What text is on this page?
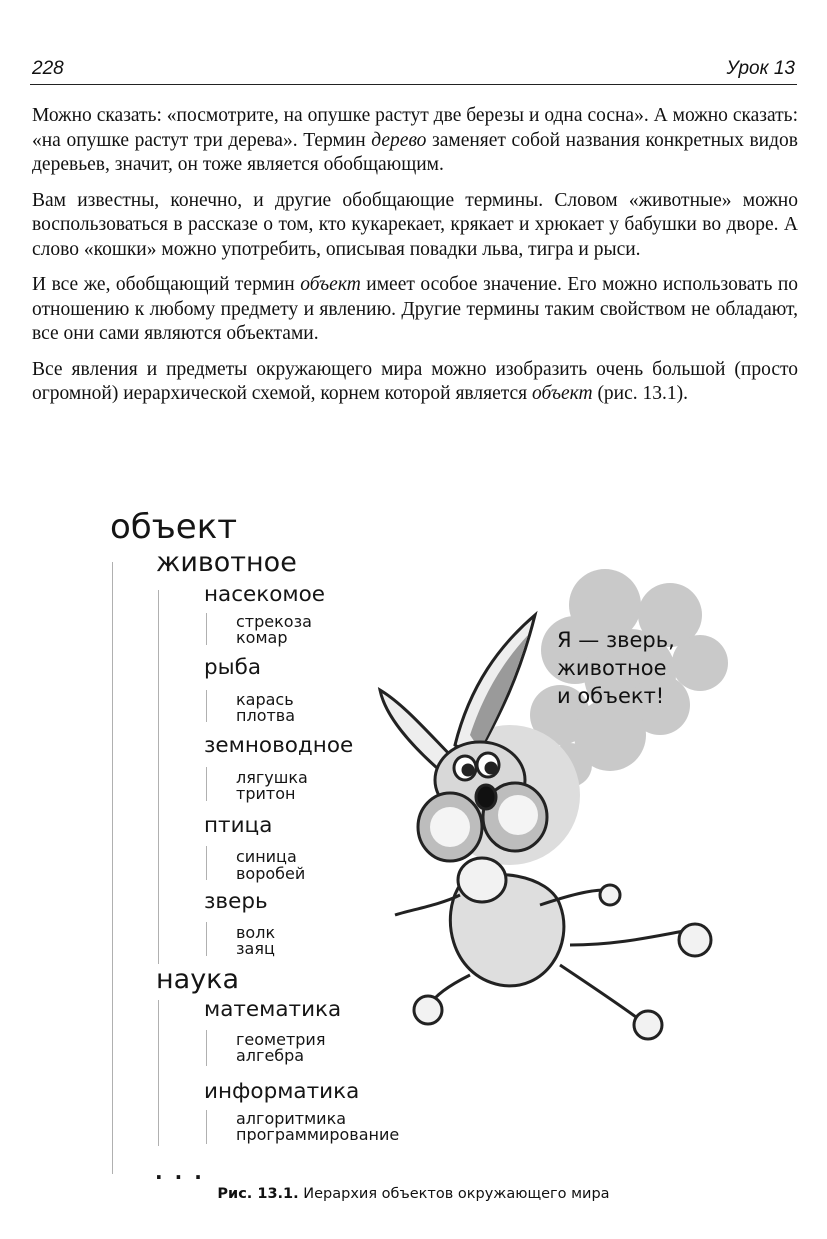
228	Урок 13

Можно сказать: «посмотрите, на опушке растут две березы и одна сосна». А можно сказать: «на опушке растут три дерева». Термин дерево заменяет собой названия конкретных видов деревьев, значит, он тоже является обобщающим.

Вам известны, конечно, и другие обобщающие термины. Словом «животные» можно воспользоваться в рассказе о том, кто кукарекает, крякает и хрюкает у бабушки во дворе. А слово «кошки» можно употребить, описывая повадки льва, тигра и рыси.

И все же, обобщающий термин объект имеет особое значение. Его можно использовать по отношению к любому предмету и явлению. Другие термины таким свойством не обладают, все они сами являются объектами.

Все явления и предметы окружающего мира можно изобразить очень большой (просто огромной) иерархической схемой, корнем которой является объект (рис. 13.1).

объект
животное
насекомое
стрекоза
комар
рыба
карась
плотва
земноводное
лягушка
тритон
птица
синица
воробей
зверь
волк
заяц
наука
математика
геометрия
алгебра
информатика
алгоритмика
программирование
...
Я — зверь,
животное
и объект!
Рис. 13.1. Иерархия объектов окружающего мира
